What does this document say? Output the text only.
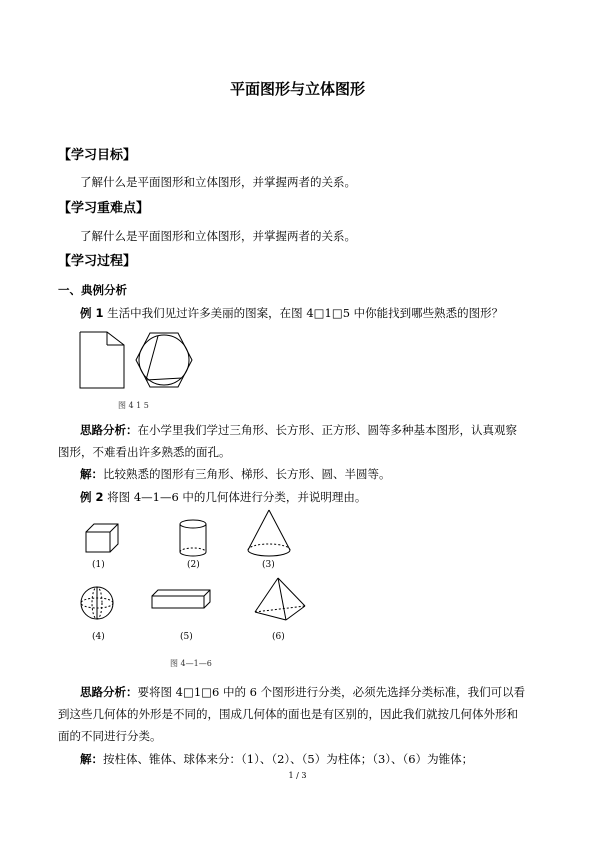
平面图形与立体图形
【学习目标】
了解什么是平面图形和立体图形，并掌握两者的关系。
【学习重难点】
了解什么是平面图形和立体图形，并掌握两者的关系。
【学习过程】
一、典例分析
例 1 生活中我们见过许多美丽的图案，在图 4□1□5 中你能找到哪些熟悉的图形？
图 4 1 5
思路分析：在小学里我们学过三角形、长方形、正方形、圆等多种基本图形，认真观察
图形，不难看出许多熟悉的面孔。
解：比较熟悉的图形有三角形、梯形、长方形、圆、半圆等。
例 2 将图 4—1—6 中的几何体进行分类，并说明理由。
(1)	(2)	(3)
(4)	(5)	(6)
图 4—1—6
思路分析：要将图 4□1□6 中的 6 个图形进行分类，必须先选择分类标准，我们可以看
到这些几何体的外形是不同的，围成几何体的面也是有区别的，因此我们就按几何体外形和
面的不同进行分类。
解：按柱体、锥体、球体来分：（1）、（2）、（5）为柱体；（3）、（6）为锥体；
1 / 3
